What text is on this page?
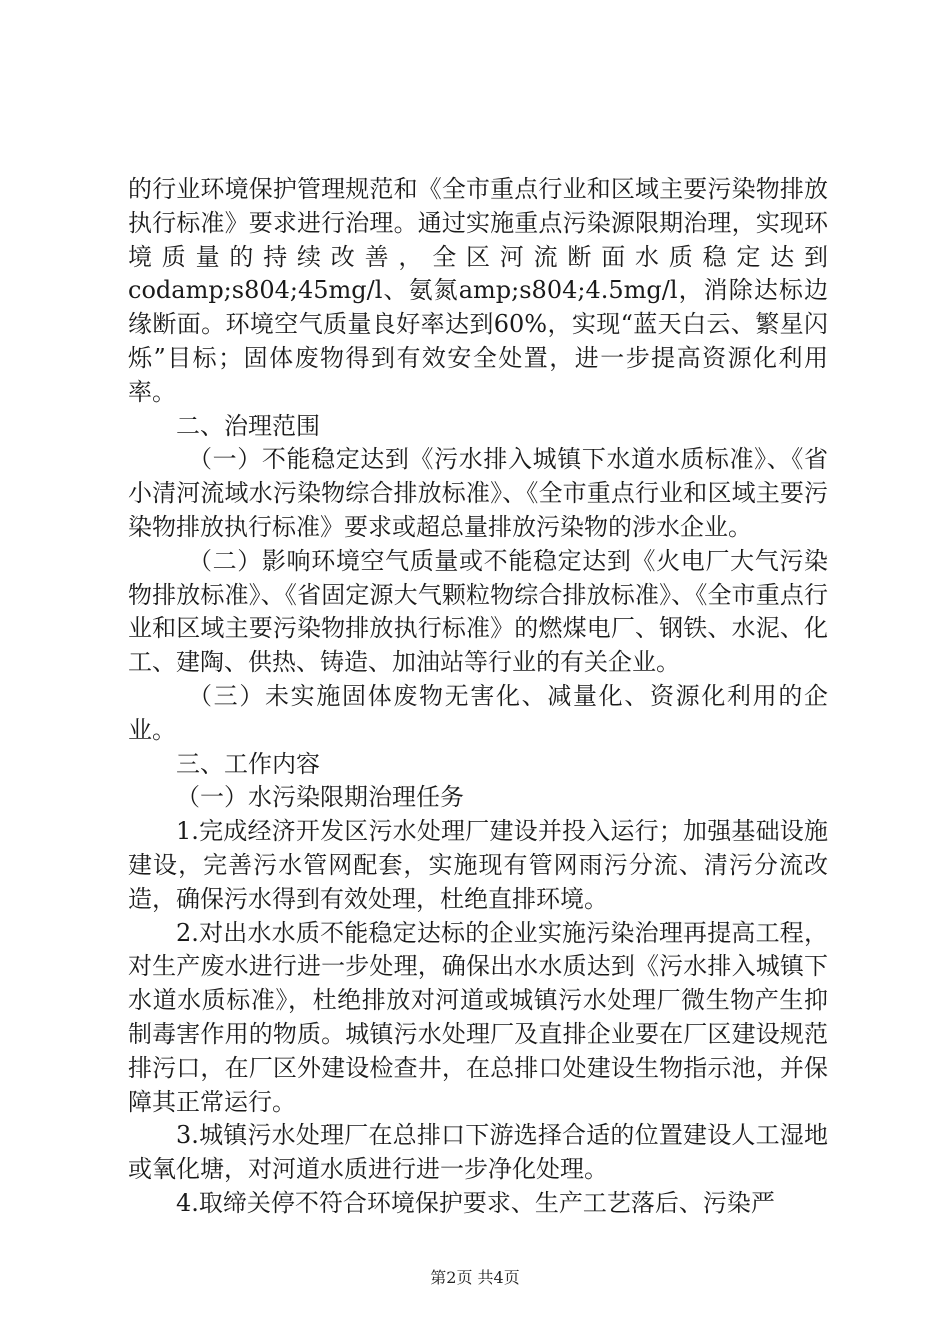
的行业环境保护管理规范和《全市重点行业和区域主要污染物排放执行标准》要求进行治理。通过实施重点污染源限期治理，实现环境质量的持续改善，全区河流断面水质稳定达到codamp;s804;45mg/l、氨氮amp;s804;4.5mg/l，消除达标边缘断面。环境空气质量良好率达到60%，实现“蓝天白云、繁星闪烁”目标；固体废物得到有效安全处置，进一步提高资源化利用率。

二、治理范围

（一）不能稳定达到《污水排入城镇下水道水质标准》、《省小清河流域水污染物综合排放标准》、《全市重点行业和区域主要污染物排放执行标准》要求或超总量排放污染物的涉水企业。

（二）影响环境空气质量或不能稳定达到《火电厂大气污染物排放标准》、《省固定源大气颗粒物综合排放标准》、《全市重点行业和区域主要污染物排放执行标准》的燃煤电厂、钢铁、水泥、化工、建陶、供热、铸造、加油站等行业的有关企业。

（三）未实施固体废物无害化、减量化、资源化利用的企业。

三、工作内容

（一）水污染限期治理任务

1.完成经济开发区污水处理厂建设并投入运行；加强基础设施建设，完善污水管网配套，实施现有管网雨污分流、清污分流改造，确保污水得到有效处理，杜绝直排环境。

2.对出水水质不能稳定达标的企业实施污染治理再提高工程，对生产废水进行进一步处理，确保出水水质达到《污水排入城镇下水道水质标准》，杜绝排放对河道或城镇污水处理厂微生物产生抑制毒害作用的物质。城镇污水处理厂及直排企业要在厂区建设规范排污口，在厂区外建设检查井，在总排口处建设生物指示池，并保障其正常运行。

3.城镇污水处理厂在总排口下游选择合适的位置建设人工湿地或氧化塘，对河道水质进行进一步净化处理。

4.取缔关停不符合环境保护要求、生产工艺落后、污染严

第2页 共4页
